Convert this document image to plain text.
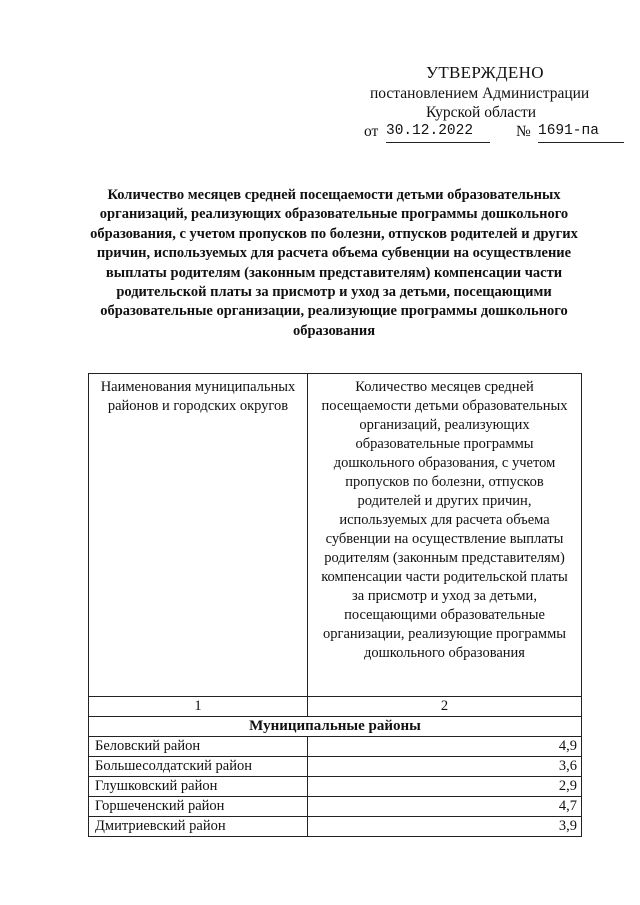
УТВЕРЖДЕНО
постановлением Администрации
Курской области
от 30.12.2022	№ 1691-па
Количество месяцев средней посещаемости детьми образовательных организаций, реализующих образовательные программы дошкольного образования, с учетом пропусков по болезни, отпусков родителей и других причин, используемых для расчета объема субвенции на осуществление выплаты родителям (законным представителям) компенсации части родительской платы за присмотр и уход за детьми, посещающими образовательные организации, реализующие программы дошкольного образования
Наименования муниципальных районов и городских округов	Количество месяцев средней посещаемости детьми образовательных организаций, реализующих образовательные программы дошкольного образования, с учетом пропусков по болезни, отпусков родителей и других причин, используемых для расчета объема субвенции на осуществление выплаты родителям (законным представителям) компенсации части родительской платы за присмотр и уход за детьми, посещающими образовательные организации, реализующие программы дошкольного образования
1	2
Муниципальные районы	
Беловский район	4,9
Большесолдатский район	3,6
Глушковский район	2,9
Горшеченский район	4,7
Дмитриевский район	3,9
